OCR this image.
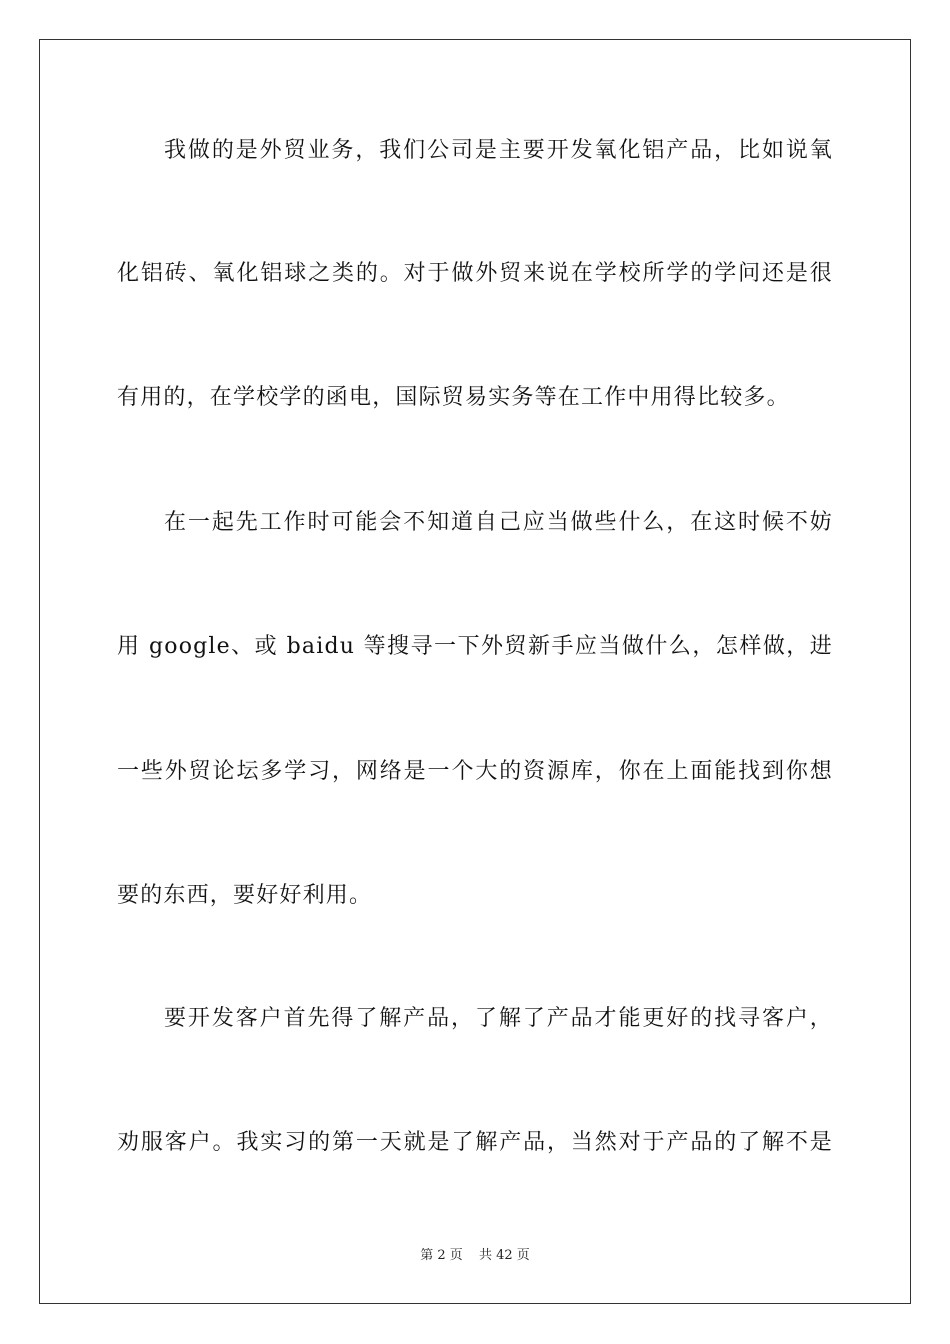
我做的是外贸业务，我们公司是主要开发氧化铝产品，比如说氧
化铝砖、氧化铝球之类的。对于做外贸来说在学校所学的学问还是很
有用的，在学校学的函电，国际贸易实务等在工作中用得比较多。
在一起先工作时可能会不知道自己应当做些什么，在这时候不妨
用 google、或 baidu 等搜寻一下外贸新手应当做什么，怎样做，进
一些外贸论坛多学习，网络是一个大的资源库，你在上面能找到你想
要的东西，要好好利用。
要开发客户首先得了解产品，了解了产品才能更好的找寻客户，
劝服客户。我实习的第一天就是了解产品，当然对于产品的了解不是
第 2 页 共 42 页
